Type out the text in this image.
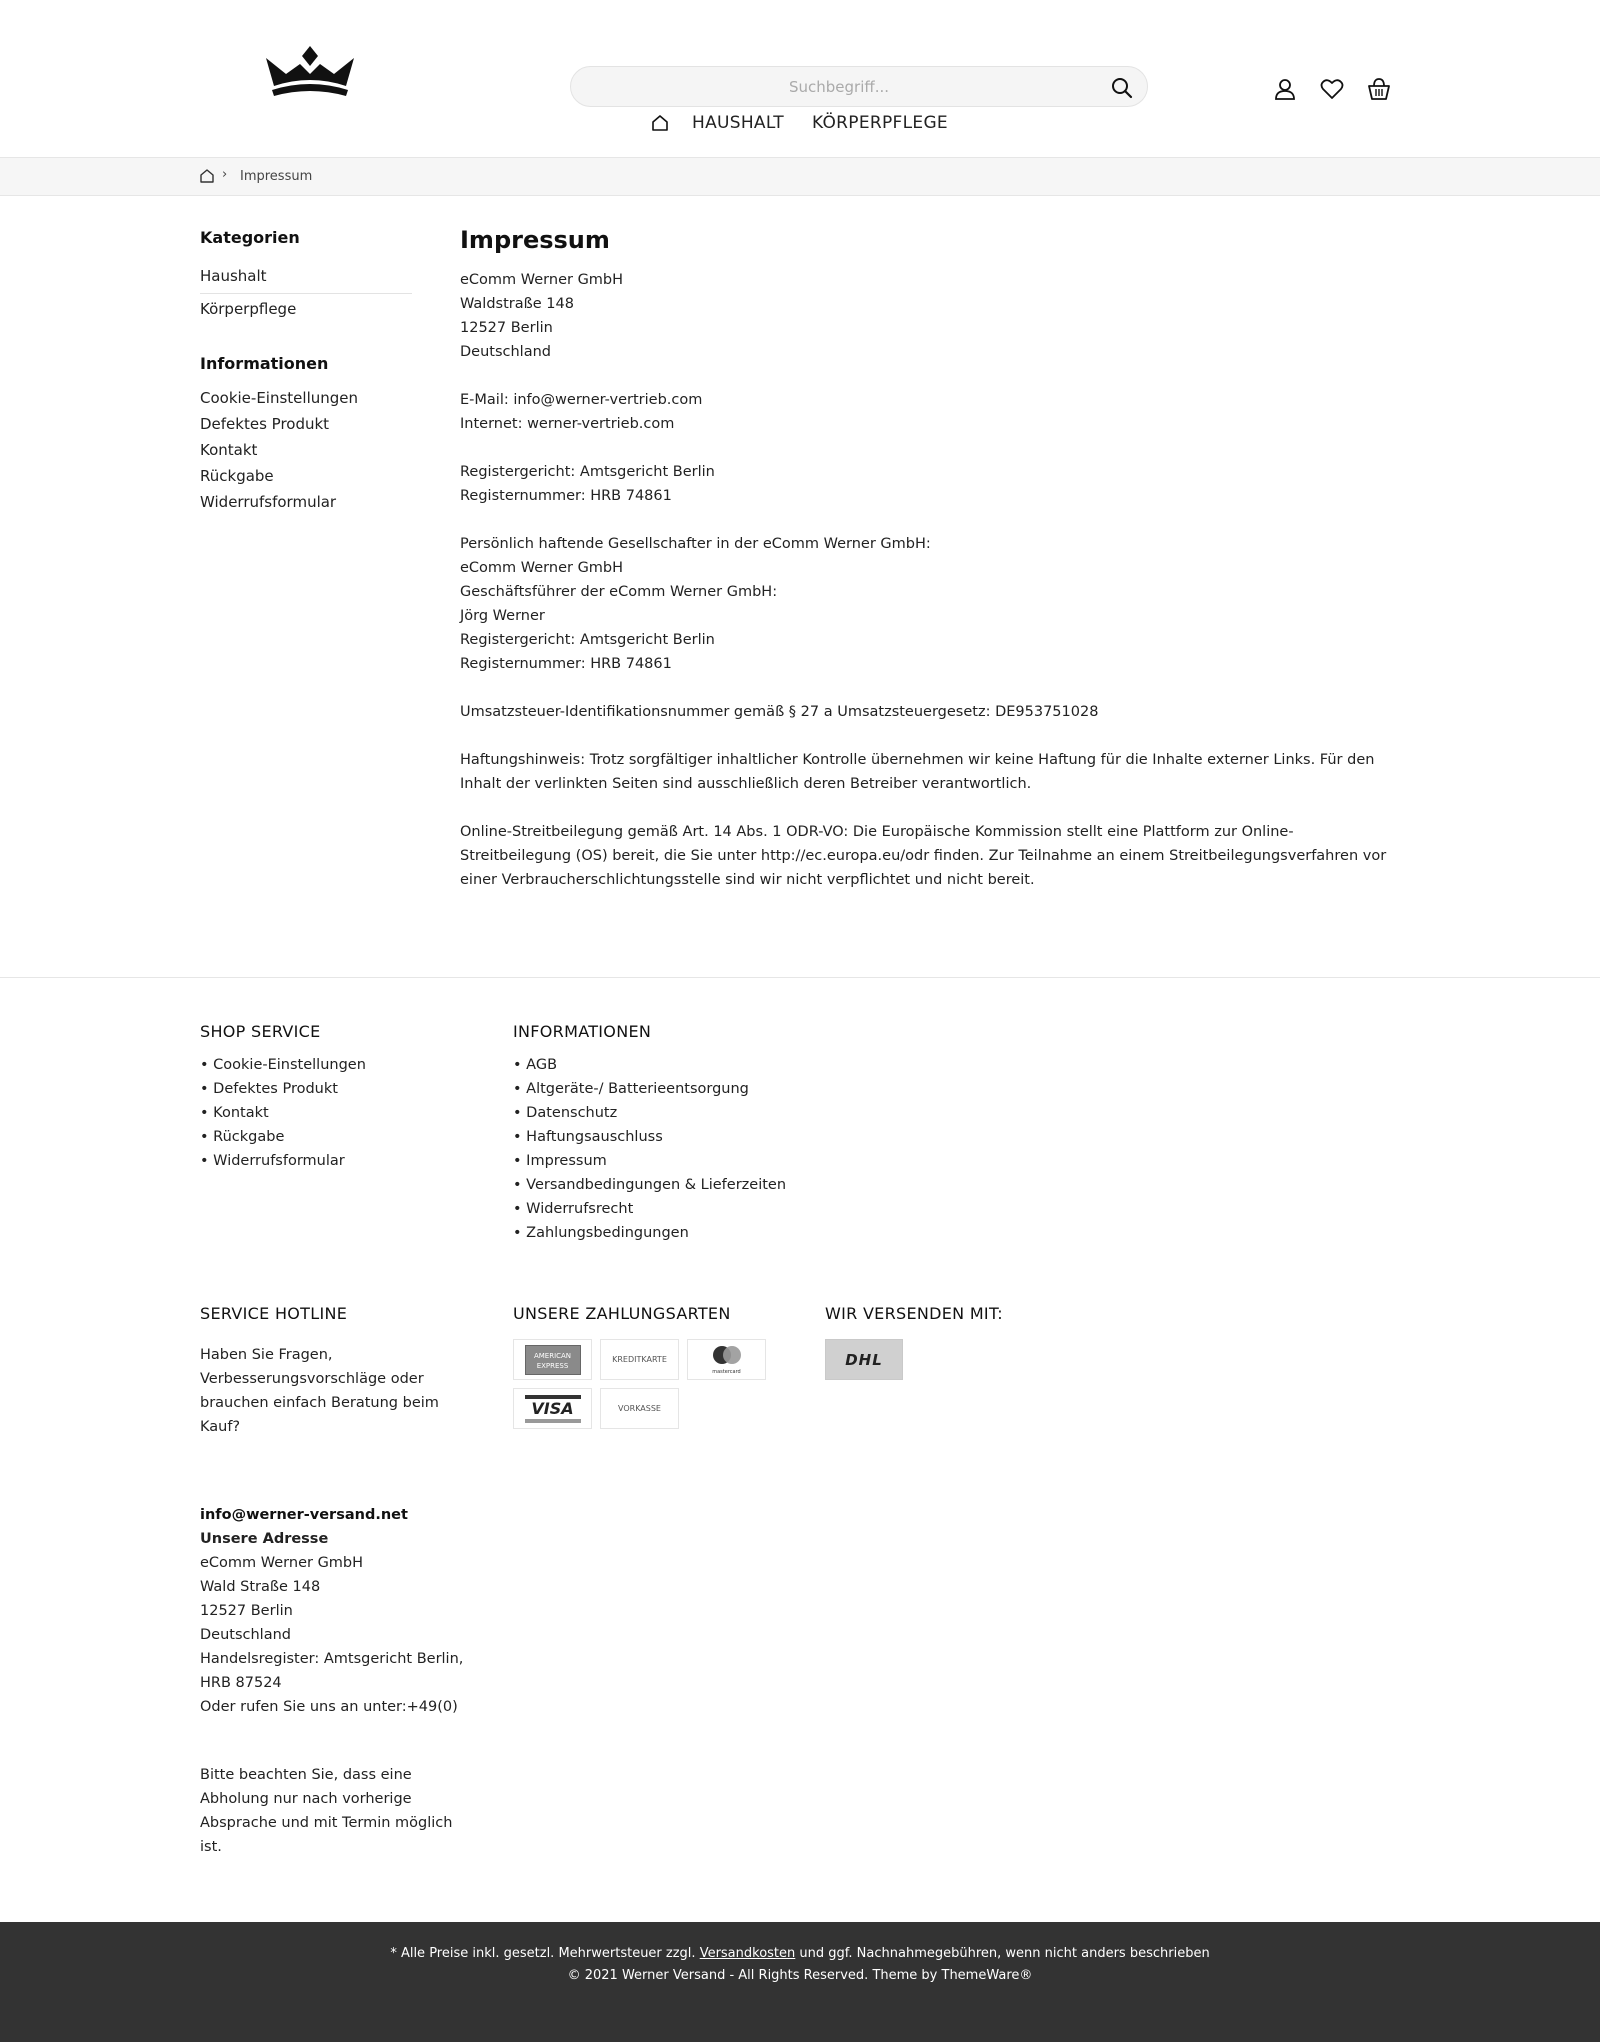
Suchbegriff...
HAUSHALT KÖRPERPFLEGE
› Impressum
Kategorien
Haushalt
Körperpflege
Informationen
Cookie-Einstellungen
Defektes Produkt
Kontakt
Rückgabe
Widerrufsformular
Impressum

eComm Werner GmbH
Waldstraße 148
12527 Berlin
Deutschland

E-Mail: info@werner-vertrieb.com
Internet: werner-vertrieb.com

Registergericht: Amtsgericht Berlin
Registernummer: HRB 74861

Persönlich haftende Gesellschafter in der eComm Werner GmbH:
eComm Werner GmbH
Geschäftsführer der eComm Werner GmbH:
Jörg Werner
Registergericht: Amtsgericht Berlin
Registernummer: HRB 74861

Umsatzsteuer-Identifikationsnummer gemäß § 27 a Umsatzsteuergesetz: DE953751028

Haftungshinweis: Trotz sorgfältiger inhaltlicher Kontrolle übernehmen wir keine Haftung für die Inhalte externer Links. Für den Inhalt der verlinkten Seiten sind ausschließlich deren Betreiber verantwortlich.

Online-Streitbeilegung gemäß Art. 14 Abs. 1 ODR-VO: Die Europäische Kommission stellt eine Plattform zur Online-Streitbeilegung (OS) bereit, die Sie unter http://ec.europa.eu/odr finden. Zur Teilnahme an einem Streitbeilegungsverfahren vor einer Verbraucherschlichtungsstelle sind wir nicht verpflichtet und nicht bereit.

SHOP SERVICE
• Cookie-Einstellungen
• Defektes Produkt
• Kontakt
• Rückgabe
• Widerrufsformular
INFORMATIONEN
• AGB
• Altgeräte-/ Batterieentsorgung
• Datenschutz
• Haftungsauschluss
• Impressum
• Versandbedingungen & Lieferzeiten
• Widerrufsrecht
• Zahlungsbedingungen
SERVICE HOTLINE

Haben Sie Fragen, Verbesserungsvorschläge oder brauchen einfach Beratung beim Kauf?

info@werner-versand.net
Unsere Adresse
eComm Werner GmbH
Wald Straße 148
12527 Berlin
Deutschland
Handelsregister: Amtsgericht Berlin, HRB 87524
Oder rufen Sie uns an unter:+49(0)

Bitte beachten Sie, dass eine Abholung nur nach vorherige Absprache und mit Termin möglich ist.

UNSERE ZAHLUNGSARTEN
AMERICAN EXPRESS
KREDITKARTE
mastercard
VISA	VORKASSE
WIR VERSENDEN MIT:
DHL
* Alle Preise inkl. gesetzl. Mehrwertsteuer zzgl. Versandkosten und ggf. Nachnahmegebühren, wenn nicht anders beschrieben
© 2021 Werner Versand - All Rights Reserved. Theme by ThemeWare®
